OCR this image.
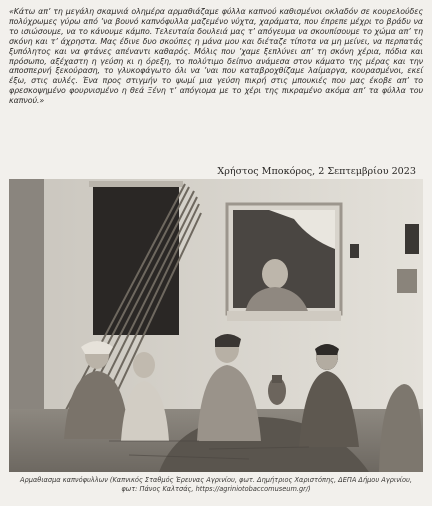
«Κάτω απ’ τη μεγάλη σκαμνιά ολημέρα αρμαθιάζαμε φύλλα καπνού καθισμένοι οκλαδόν σε κουρελούδες πολύχρωμες γύρω από ’να βουνό καπνόφυλλα μαζεμένο νύχτα, χαράματα, που έπρεπε μέχρι το βράδυ να το ισιώσουμε, να το κάνουμε κάμπο. Τελευταία δουλειά μας τ’ απόγευμα να σκουπίσουμε το χώμα απ’ τη σκόνη και τ’ άχρηστα. Μας έδινε δυο σκούπες η μάνα μου και διέταζε τίποτα να μη μείνει, να περπατάς ξυπόλητος και να φτάνες απέναντι καθαρός. Μόλις που ’χαμε ξεπλύνει απ’ τη σκόνη χέρια, πόδια και πρόσωπο, αξέχαστη η γεύση κι η όρεξη, το πολύτιμο δείπνο ανάμεσα στον κάματο της μέρας και την αποσπερνή ξεκούραση, το γλυκοφάγωτο όλι να ’ναι που καταβροχθίζαμε λαίμαργα, κουρασμένοι, εκεί έξω, στις αυλές. Ένα προς στιγμήν το ψωμί μια γεύση πικρή στις μπουκιές που μας έκοβε απ’ το φρεσκοψημένο φουρνισμένο η θεά Ξένη τ’ απόγιομα με το χέρι της πικραμένο ακόμα απ’ τα φύλλα του καπνού.»

Χρήστος Μποκόρος, 2 Σεπτεμβρίου 2023

Αρμαθιασμα καπνόφυλλων (Καπνικός Σταθμός Έρευνας Αγρινίου, φωτ. Δημήτριος Χαριστόπης, ΔΕΠΑ Δήμου Αγρινίου, φωτ: Πάνος Καλτσάς, https://agriniotobaccomuseum.gr/)
